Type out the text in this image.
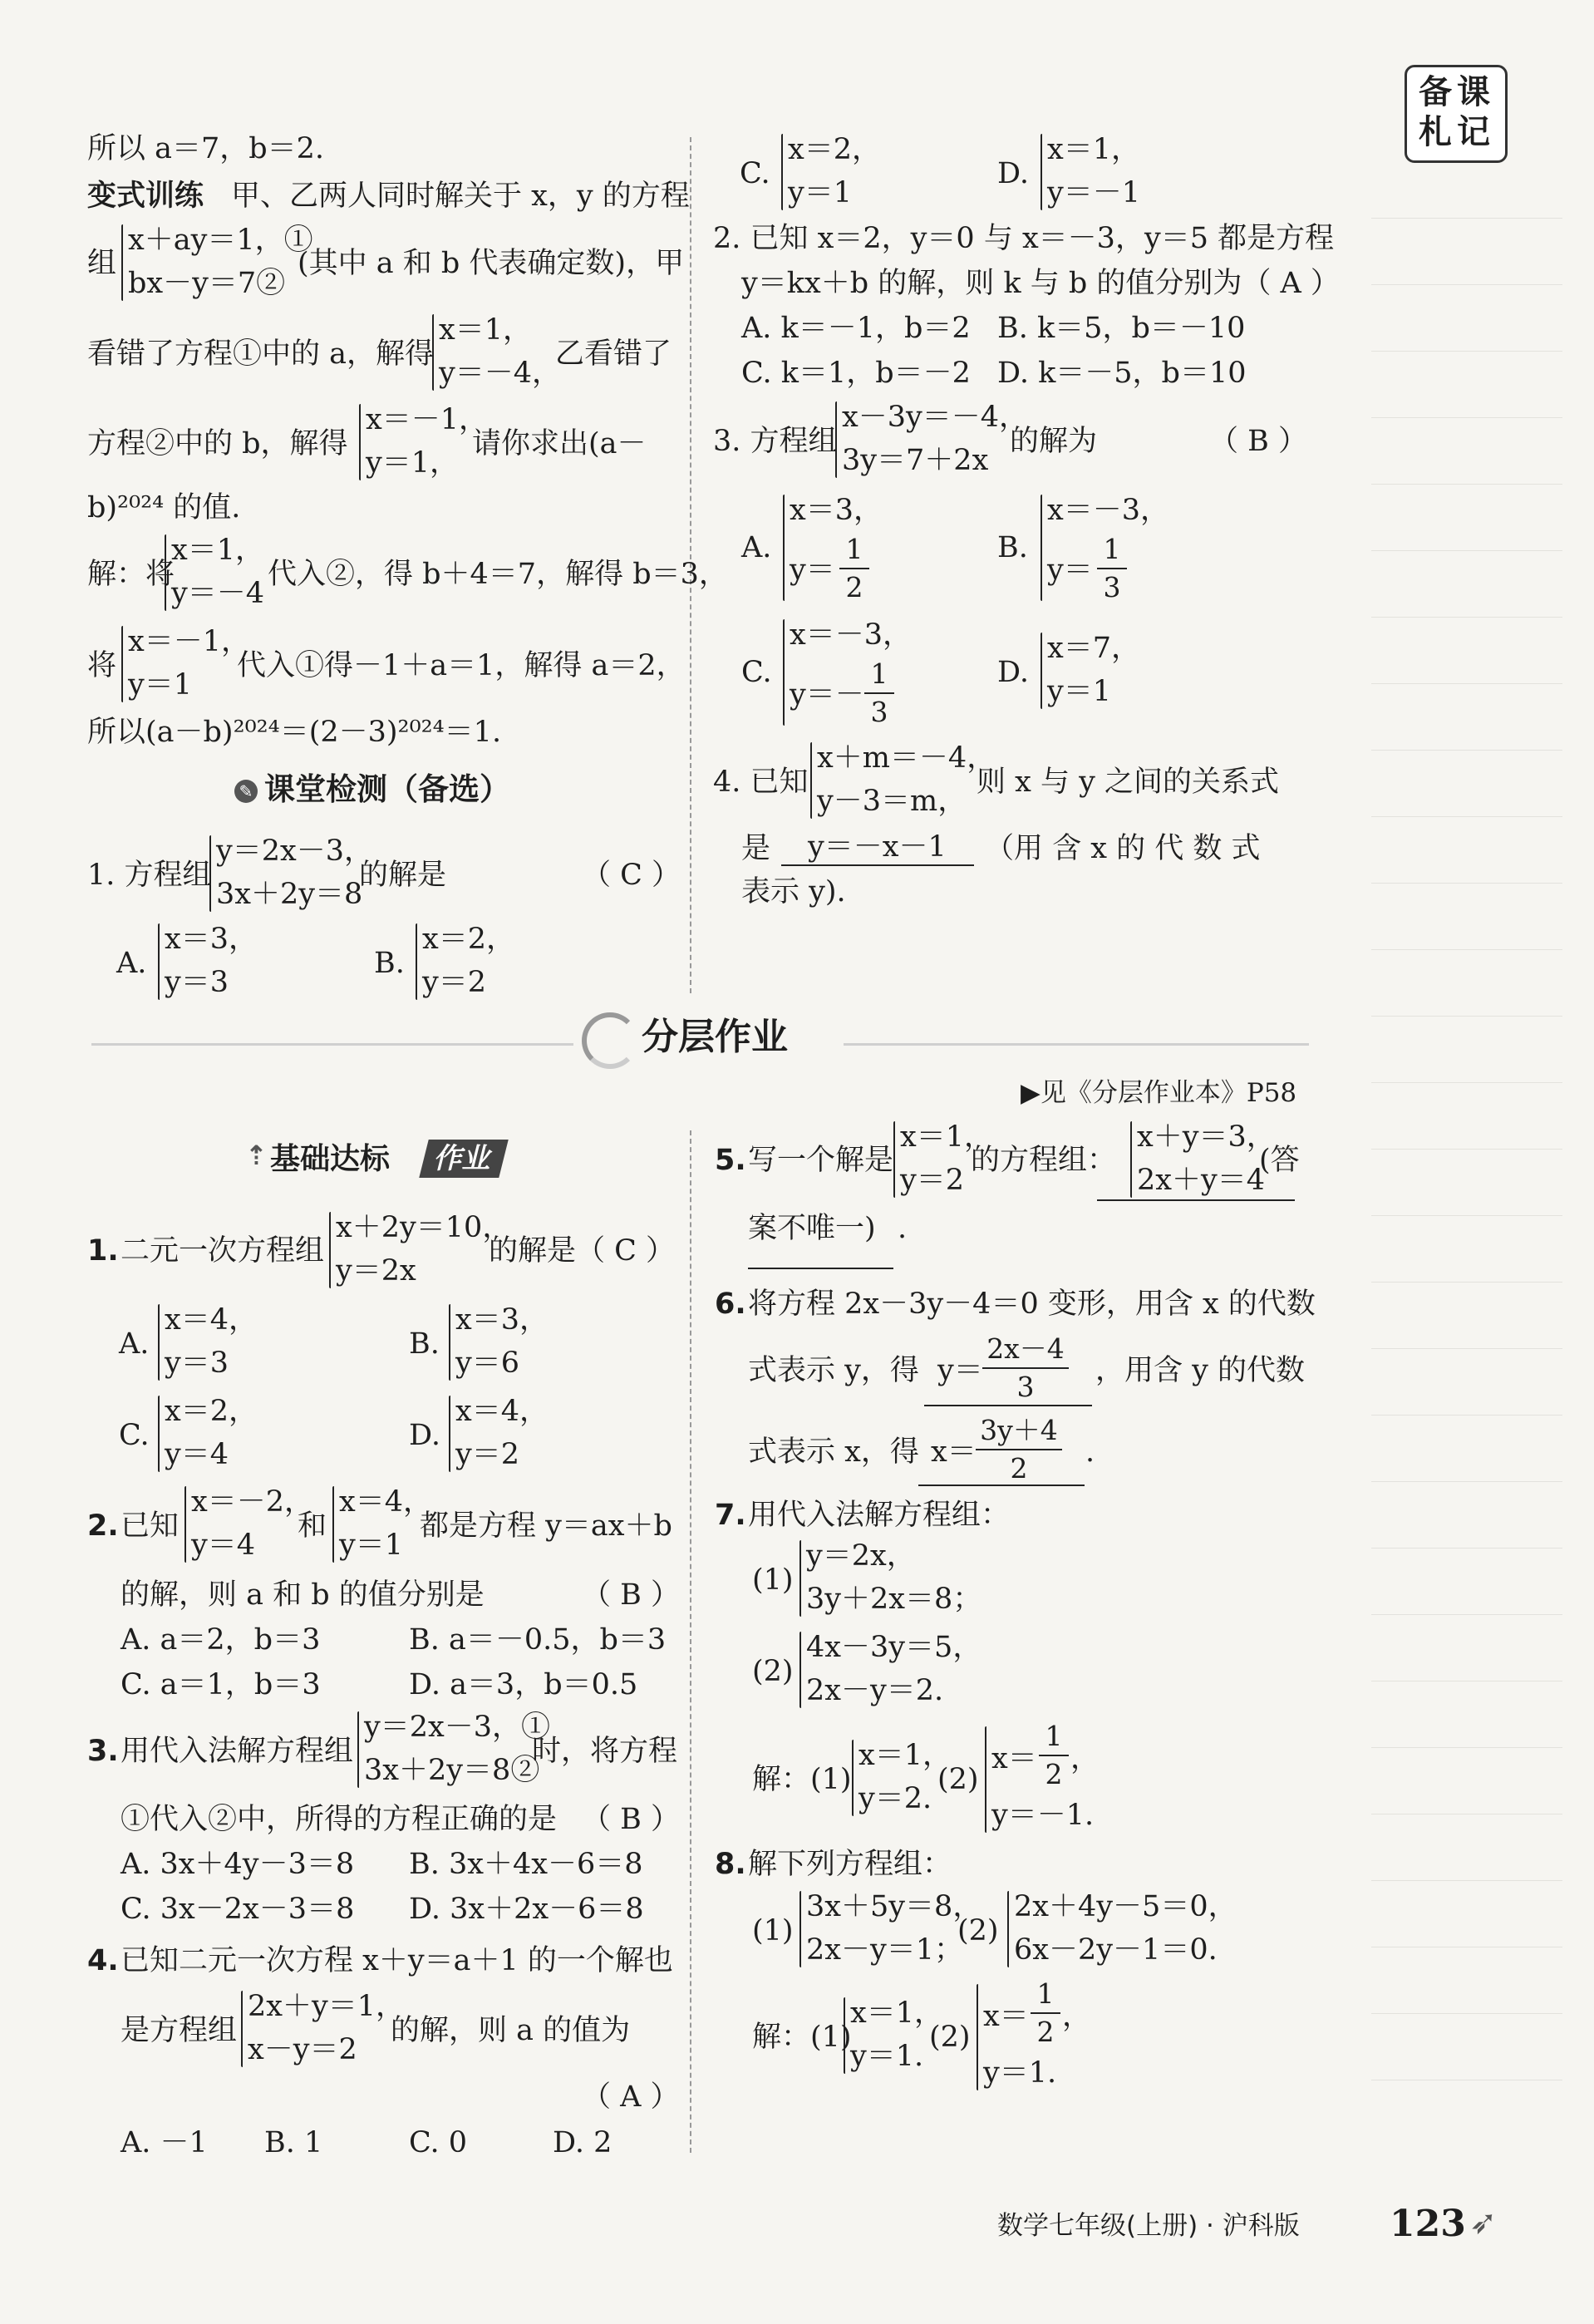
备课
札记
所以 a＝7，b＝2.
变式训练 甲、乙两人同时解关于 x，y 的方程
组
x＋ay＝1，①
bx－y＝7②
(其中 a 和 b 代表确定数)，甲
看错了方程①中的 a，解得
x＝1，
y＝－4，
乙看错了
方程②中的 b，解得
x＝－1，
y＝1，
请你求出(a－
b)²⁰²⁴ 的值.
解：将
x＝1，
y＝－4
代入②，得 b＋4＝7，解得 b＝3，
将
x＝－1，
y＝1
代入①得－1＋a＝1，解得 a＝2，
所以(a－b)²⁰²⁴＝(2－3)²⁰²⁴＝1.
✎ 课堂检测（备选）
1. 方程组
y＝2x－3，
3x＋2y＝8
的解是	（ C ）
A.
x＝3，
y＝3
B.
x＝2，
y＝2
C.
x＝2，
y＝1
D.
x＝1，
y＝－1
2. 已知 x＝2，y＝0 与 x＝－3，y＝5 都是方程
y＝kx＋b 的解，则 k 与 b 的值分别为（ A ）
A. k＝－1，b＝2 B. k＝5，b＝－10
C. k＝1，b＝－2 D. k＝－5，b＝10
3. 方程组
x－3y＝－4，
3y＝7＋2x
的解为	（ B ）
A.
x＝3，
y＝
1
2
B.
x＝－3，
y＝
1
3
C.
x＝－3，
y＝－
1
3
D.
x＝7，
y＝1
4. 已知
x＋m＝－4，
y－3＝m，
则 x 与 y 之间的关系式
是 y＝－x－1 （用 含 x 的 代 数 式
表示 y).
分层作业
▶见《分层作业本》P58
⇡ 基础达标 作业
1. 二元一次方程组
x＋2y＝10，
y＝2x
的解是（ C ）
A.
x＝4，
y＝3
B.
x＝3，
y＝6
C.
x＝2，
y＝4
D.
x＝4，
y＝2
2. 已知
x＝－2，
y＝4
和
x＝4，
y＝1
都是方程 y＝ax＋b
的解，则 a 和 b 的值分别是	（ B ）
A. a＝2，b＝3	B. a＝－0.5，b＝3
C. a＝1，b＝3	D. a＝3，b＝0.5
3. 用代入法解方程组
y＝2x－3，①
3x＋2y＝8②
时，将方程
①代入②中，所得的方程正确的是 （ B ）
A. 3x＋4y－3＝8 B. 3x＋4x－6＝8
C. 3x－2x－3＝8 D. 3x＋2x－6＝8
4. 已知二元一次方程 x＋y＝a＋1 的一个解也
是方程组
2x＋y＝1，
x－y＝2
的解，则 a 的值为
（ A ）
A. －1 B. 1	C. 0	D. 2
5. 写一个解是
x＝1，
y＝2
的方程组：
x＋y＝3，
2x＋y＝4
(答
案不唯一) .
6. 将方程 2x－3y－4＝0 变形，用含 x 的代数
式表示 y，得 y＝
2x－4
3	，用含 y 的代数
式表示 x，得 x＝
3y＋4
2	.
7. 用代入法解方程组：
(1)
y＝2x，
3y＋2x＝8；
(2)
4x－3y＝5，
2x－y＝2.
解：(1)
x＝1，
y＝2.
(2)
x＝
1
2 ，
y＝－1.
8. 解下列方程组：
(1)
3x＋5y＝8，
2x－y＝1；
(2)
2x＋4y－5＝0，
6x－2y－1＝0.
解：(1)
x＝1，
y＝1.
(2)
x＝
1
2 ，
y＝1.
数学七年级(上册) · 沪科版 123 ➶
